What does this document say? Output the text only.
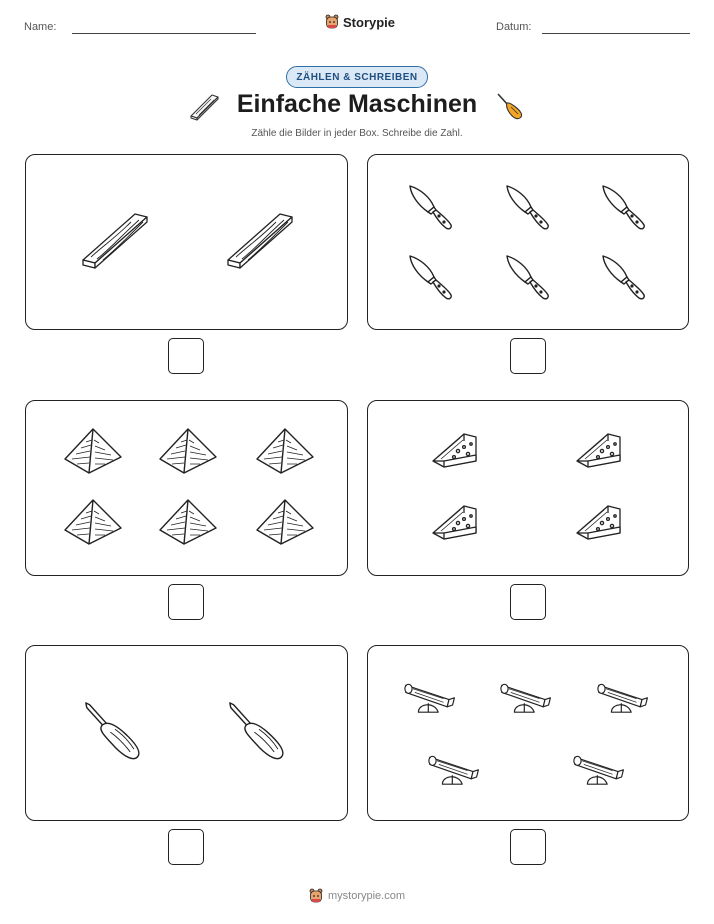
Name:	Storypie	Datum:
ZÄHLEN & SCHREIBEN
Einfache Maschinen
Zähle die Bilder in jeder Box. Schreibe die Zahl.
mystorypie.com
